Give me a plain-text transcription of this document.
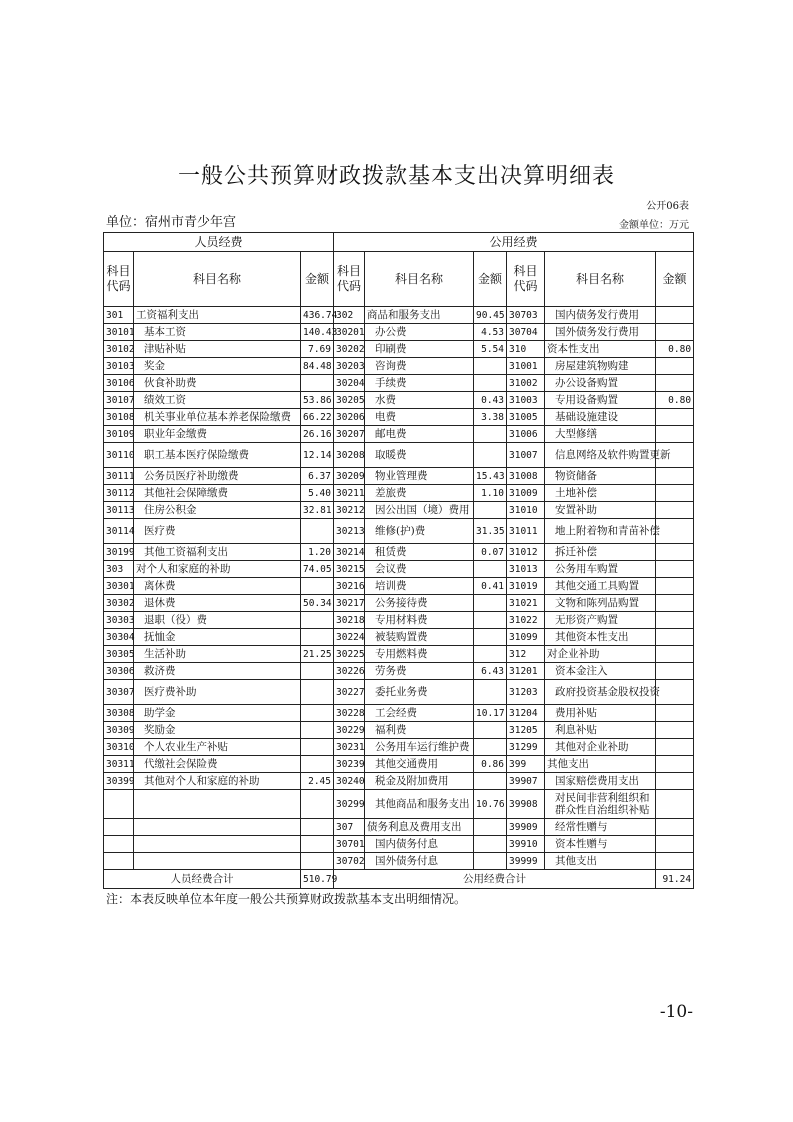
一般公共预算财政拨款基本支出决算明细表
公开06表
单位：宿州市青少年宫	金额单位：万元
人员经费			公用经费					
科目代码	科目名称	金额	科目代码	科目名称	金额	科目代码	科目名称	金额
301	工资福利支出	436.74	302	商品和服务支出	90.45	30703	国内债务发行费用	
30101	基本工资	140.43	30201	办公费	4.53	30704	国外债务发行费用	
30102	津贴补贴	7.69	30202	印刷费	5.54	310	资本性支出	0.80
30103	奖金	84.48	30203	咨询费		31001	房屋建筑物购建	
30106	伙食补助费		30204	手续费		31002	办公设备购置	
30107	绩效工资	53.86	30205	水费	0.43	31003	专用设备购置	0.80
30108	机关事业单位基本养老保险缴费	66.22	30206	电费	3.38	31005	基础设施建设	
30109	职业年金缴费	26.16	30207	邮电费		31006	大型修缮	
30110	职工基本医疗保险缴费	12.14	30208	取暖费		31007	信息网络及软件购置更新	
30111	公务员医疗补助缴费	6.37	30209	物业管理费	15.43	31008	物资储备	
30112	其他社会保障缴费	5.40	30211	差旅费	1.10	31009	土地补偿	
30113	住房公积金	32.81	30212	因公出国（境）费用		31010	安置补助	
30114	医疗费		30213	维修(护)费	31.35	31011	地上附着物和青苗补偿	
30199	其他工资福利支出	1.20	30214	租赁费	0.07	31012	拆迁补偿	
303	对个人和家庭的补助	74.05	30215	会议费		31013	公务用车购置	
30301	离休费		30216	培训费	0.41	31019	其他交通工具购置	
30302	退休费	50.34	30217	公务接待费		31021	文物和陈列品购置	
30303	退职（役）费		30218	专用材料费		31022	无形资产购置	
30304	抚恤金		30224	被装购置费		31099	其他资本性支出	
30305	生活补助	21.25	30225	专用燃料费		312	对企业补助	
30306	救济费		30226	劳务费	6.43	31201	资本金注入	
30307	医疗费补助		30227	委托业务费		31203	政府投资基金股权投资	
30308	助学金		30228	工会经费	10.17	31204	费用补贴	
30309	奖励金		30229	福利费		31205	利息补贴	
30310	个人农业生产补贴		30231	公务用车运行维护费		31299	其他对企业补助	
30311	代缴社会保险费		30239	其他交通费用	0.86	399	其他支出	
30399	其他对个人和家庭的补助	2.45	30240	税金及附加费用		39907	国家赔偿费用支出	
			30299	其他商品和服务支出	10.76	39908	对民间非营利组织和群众性自治组织补贴	
			307	债务利息及费用支出		39909	经常性赠与	
			30701	国内债务付息		39910	资本性赠与	
			30702	国外债务付息		39999	其他支出	
人员经费合计		510.79	公用经费合计					91.24
注：本表反映单位本年度一般公共预算财政拨款基本支出明细情况。
-10-
